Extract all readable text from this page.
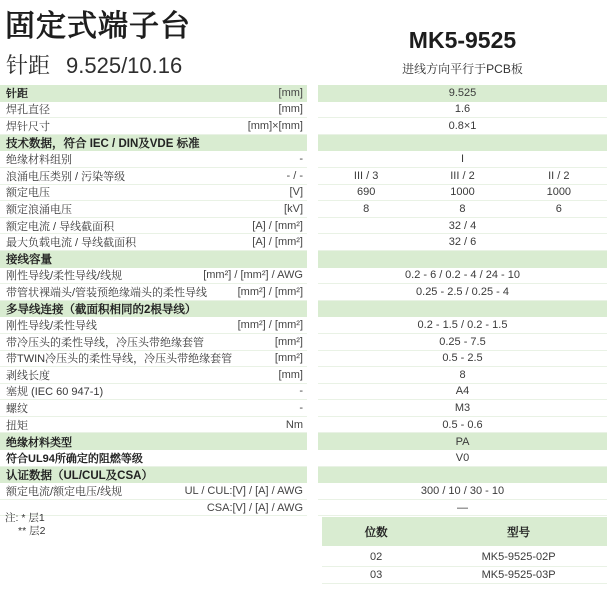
固定式端子台
针距 9.525/10.16
MK5-9525
进线方向平行于PCB板
针距	[mm]	9.525
焊孔直径	[mm]	1.6
焊针尺寸	[mm]×[mm]	0.8×1
技术数据，符合 IEC / DIN及VDE 标准
绝缘材料组别	-	I
浪涌电压类别 / 污染等级	- / -	III / 3	III / 2	II / 2
额定电压	[V]	690	1000	1000
额定浪涌电压	[kV]	8	8	6
额定电流 / 导线截面积	[A] / [mm²]	32 / 4
最大负载电流 / 导线截面积	[A] / [mm²]	32 / 6
接线容量
刚性导线/柔性导线/线规	[mm²] / [mm²] / AWG	0.2 - 6 / 0.2 - 4 / 24 - 10
带管状裸端头/管装预绝缘端头的柔性导线	[mm²] / [mm²]	0.25 - 2.5 / 0.25 - 4
多导线连接（截面积相同的2根导线）
刚性导线/柔性导线	[mm²] / [mm²]	0.2 - 1.5 / 0.2 - 1.5
带冷压头的柔性导线，冷压头带绝缘套管	[mm²]	0.25 - 7.5
带TWIN冷压头的柔性导线，冷压头带绝缘套管	[mm²]	0.5 - 2.5
剥线长度	[mm]	8
塞规 (IEC 60 947-1)	-	A4
螺纹	-	M3
扭矩	Nm	0.5 - 0.6
绝缘材料类型	PA
符合UL94所确定的阻燃等级	V0
认证数据（UL/CUL及CSA）
额定电流/额定电压/线规	UL / CUL:[V] / [A] / AWG	300 / 10 / 30 - 10
CSA:[V] / [A] / AWG	—
注: * 层1
** 层2	位数	型号
02	MK5-9525-02P
03	MK5-9525-03P
